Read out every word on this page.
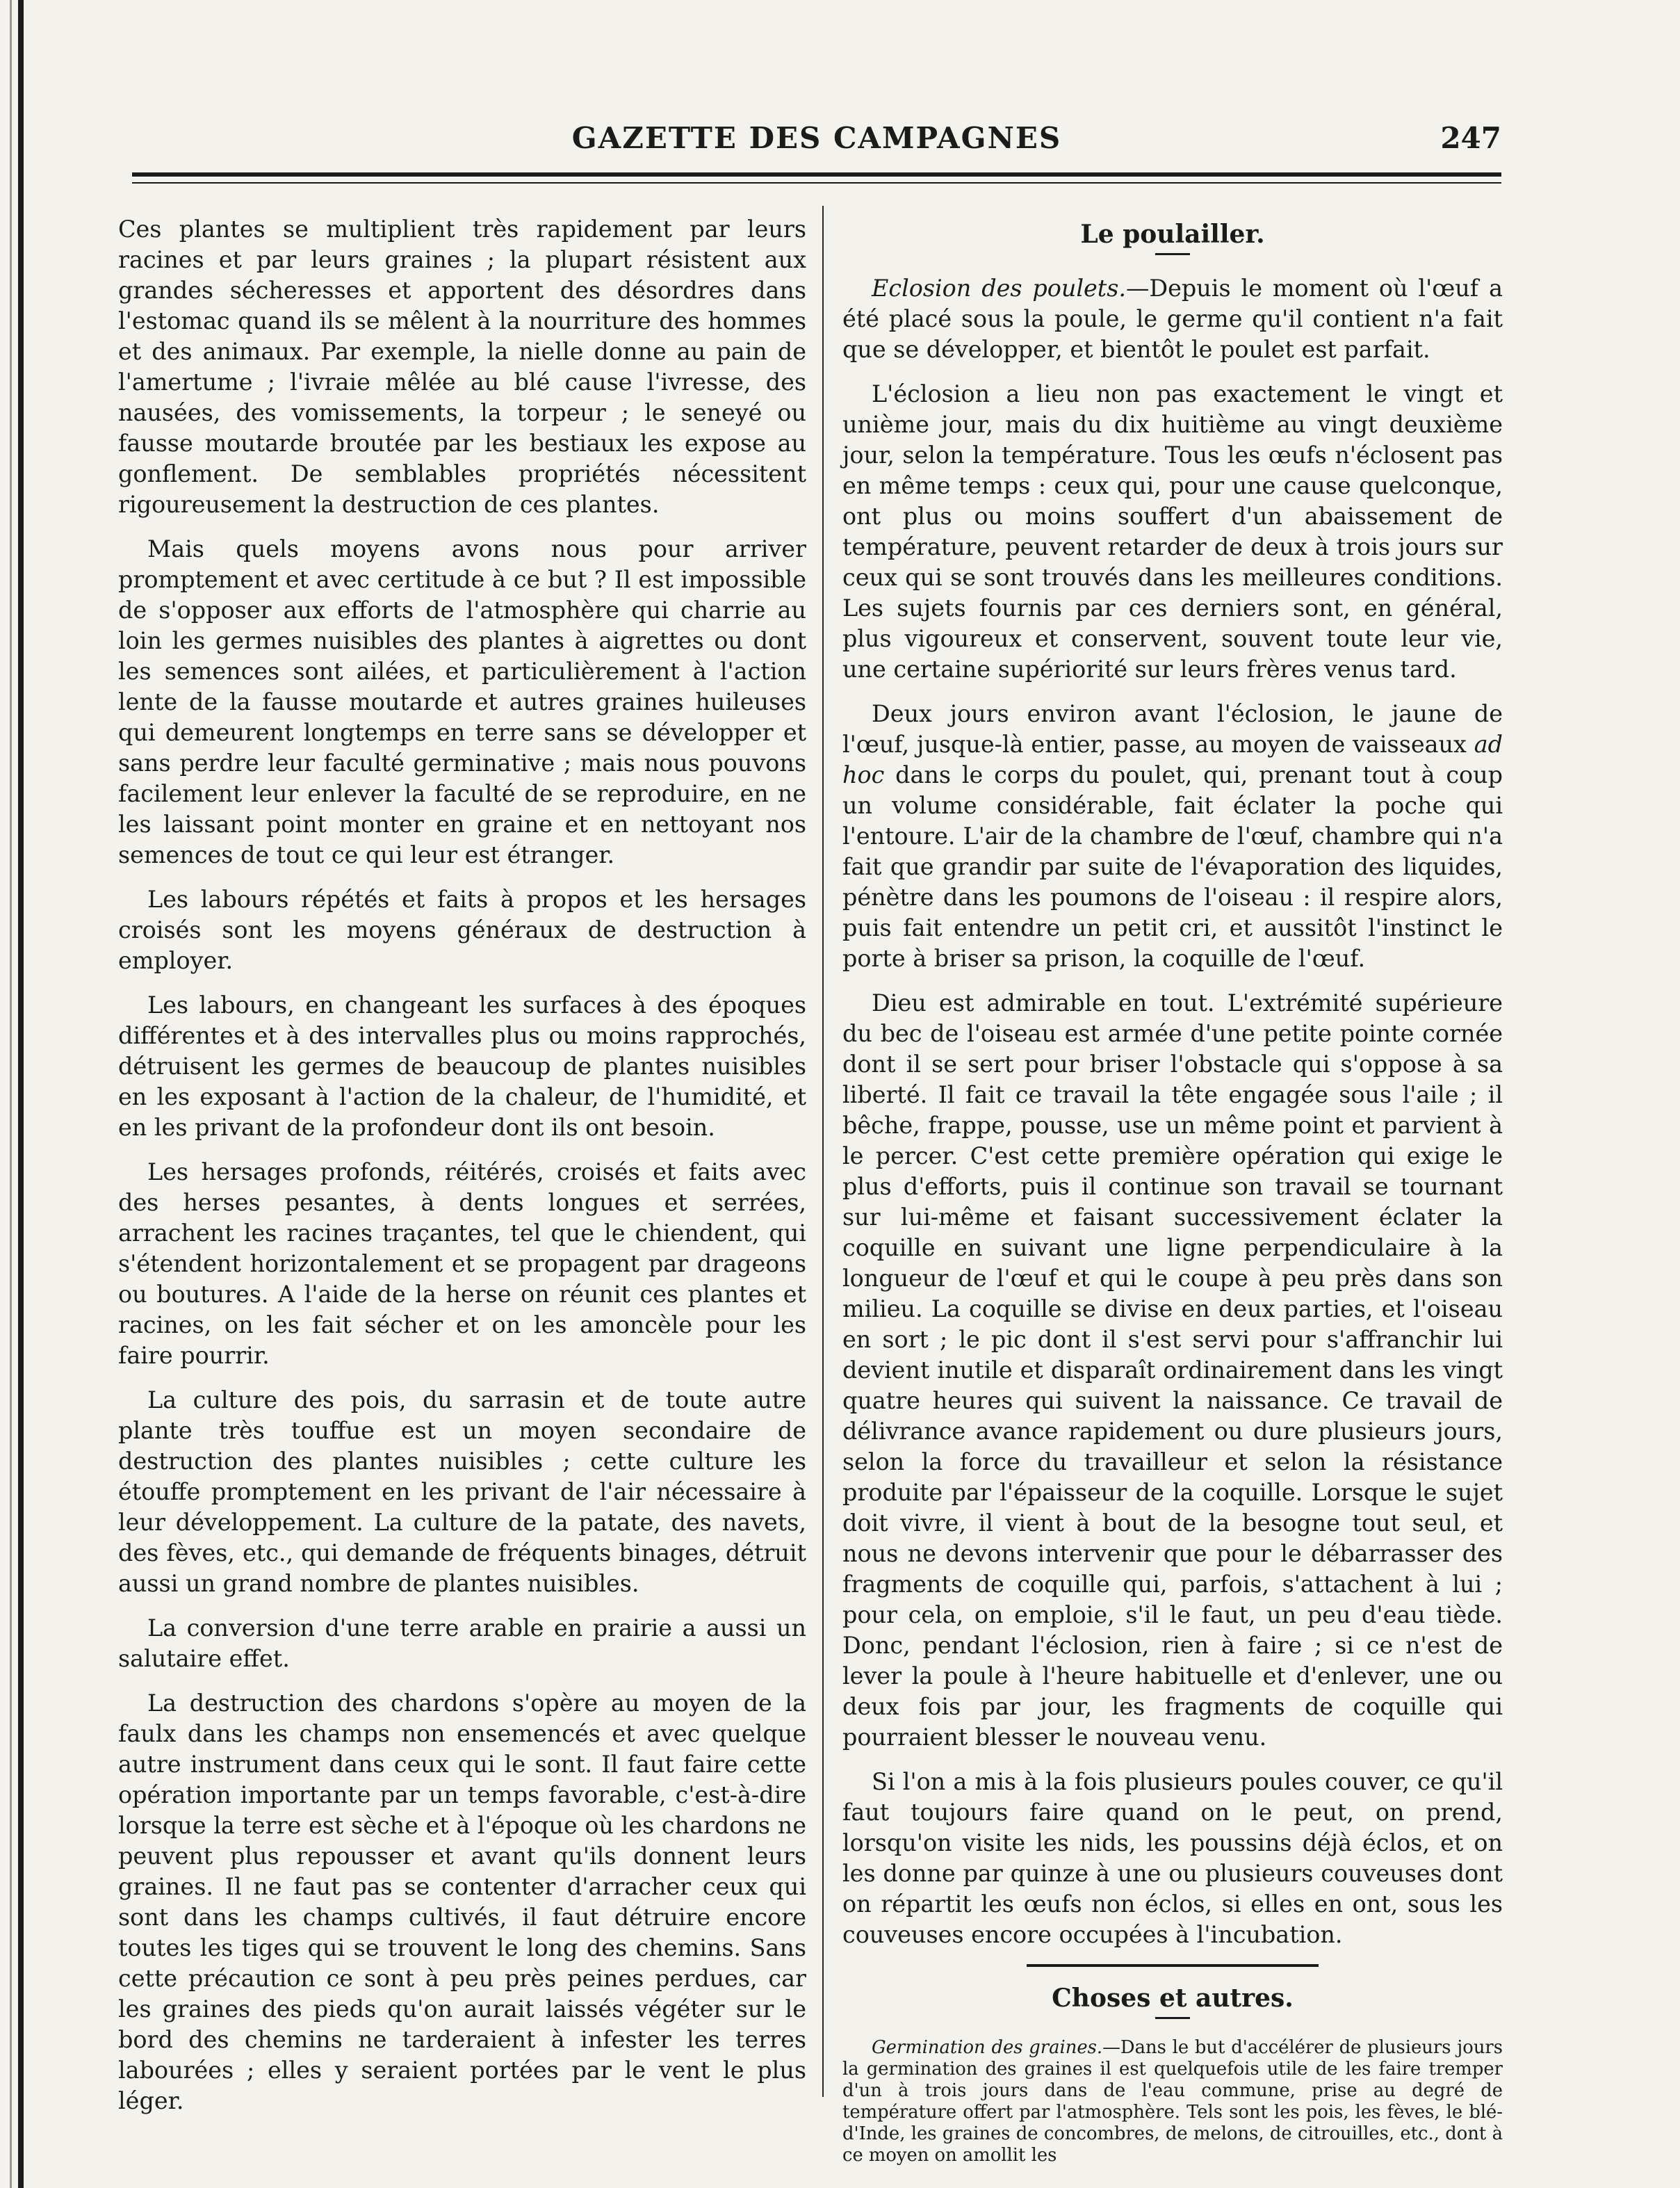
GAZETTE DES CAMPAGNES	247

Ces plantes se multiplient très rapidement par leurs racines et par leurs graines ; la plupart résistent aux grandes sécheresses et apportent des désordres dans l'estomac quand ils se mêlent à la nourriture des hommes et des animaux. Par exemple, la nielle donne au pain de l'amertume ; l'ivraie mêlée au blé cause l'ivresse, des nausées, des vomissements, la torpeur ; le seneyé ou fausse moutarde broutée par les bestiaux les expose au gonflement. De semblables propriétés nécessitent rigoureusement la destruction de ces plantes.

Mais quels moyens avons nous pour arriver promptement et avec certitude à ce but ? Il est impossible de s'opposer aux efforts de l'atmosphère qui charrie au loin les germes nuisibles des plantes à aigrettes ou dont les semences sont ailées, et particulièrement à l'action lente de la fausse moutarde et autres graines huileuses qui demeurent longtemps en terre sans se développer et sans perdre leur faculté germinative ; mais nous pouvons facilement leur enlever la faculté de se reproduire, en ne les laissant point monter en graine et en nettoyant nos semences de tout ce qui leur est étranger.

Les labours répétés et faits à propos et les hersages croisés sont les moyens généraux de destruction à employer.

Les labours, en changeant les surfaces à des époques différentes et à des intervalles plus ou moins rapprochés, détruisent les germes de beaucoup de plantes nuisibles en les exposant à l'action de la chaleur, de l'humidité, et en les privant de la profondeur dont ils ont besoin.

Les hersages profonds, réitérés, croisés et faits avec des herses pesantes, à dents longues et serrées, arrachent les racines traçantes, tel que le chiendent, qui s'étendent horizontalement et se propagent par drageons ou boutures. A l'aide de la herse on réunit ces plantes et racines, on les fait sécher et on les amoncèle pour les faire pourrir.

La culture des pois, du sarrasin et de toute autre plante très touffue est un moyen secondaire de destruction des plantes nuisibles ; cette culture les étouffe promptement en les privant de l'air nécessaire à leur développement. La culture de la patate, des navets, des fèves, etc., qui demande de fréquents binages, détruit aussi un grand nombre de plantes nuisibles.

La conversion d'une terre arable en prairie a aussi un salutaire effet.

La destruction des chardons s'opère au moyen de la faulx dans les champs non ensemencés et avec quelque autre instrument dans ceux qui le sont. Il faut faire cette opération importante par un temps favorable, c'est-à-dire lorsque la terre est sèche et à l'époque où les chardons ne peuvent plus repousser et avant qu'ils donnent leurs graines. Il ne faut pas se contenter d'arracher ceux qui sont dans les champs cultivés, il faut détruire encore toutes les tiges qui se trouvent le long des chemins. Sans cette précaution ce sont à peu près peines perdues, car les graines des pieds qu'on aurait laissés végéter sur le bord des chemins ne tarderaient à infester les terres labourées ; elles y seraient portées par le vent le plus léger.

Le poulailler.

Eclosion des poulets.—Depuis le moment où l'œuf a été placé sous la poule, le germe qu'il contient n'a fait que se développer, et bientôt le poulet est parfait.

L'éclosion a lieu non pas exactement le vingt et unième jour, mais du dix huitième au vingt deuxième jour, selon la température. Tous les œufs n'éclosent pas en même temps : ceux qui, pour une cause quelconque, ont plus ou moins souffert d'un abaissement de température, peuvent retarder de deux à trois jours sur ceux qui se sont trouvés dans les meilleures conditions. Les sujets fournis par ces derniers sont, en général, plus vigoureux et conservent, souvent toute leur vie, une certaine supériorité sur leurs frères venus tard.

Deux jours environ avant l'éclosion, le jaune de l'œuf, jusque-là entier, passe, au moyen de vaisseaux ad hoc dans le corps du poulet, qui, prenant tout à coup un volume considérable, fait éclater la poche qui l'entoure. L'air de la chambre de l'œuf, chambre qui n'a fait que grandir par suite de l'évaporation des liquides, pénètre dans les poumons de l'oiseau : il respire alors, puis fait entendre un petit cri, et aussitôt l'instinct le porte à briser sa prison, la coquille de l'œuf.

Dieu est admirable en tout. L'extrémité supérieure du bec de l'oiseau est armée d'une petite pointe cornée dont il se sert pour briser l'obstacle qui s'oppose à sa liberté. Il fait ce travail la tête engagée sous l'aile ; il bêche, frappe, pousse, use un même point et parvient à le percer. C'est cette première opération qui exige le plus d'efforts, puis il continue son travail se tournant sur lui-même et faisant successivement éclater la coquille en suivant une ligne perpendiculaire à la longueur de l'œuf et qui le coupe à peu près dans son milieu. La coquille se divise en deux parties, et l'oiseau en sort ; le pic dont il s'est servi pour s'affranchir lui devient inutile et disparaît ordinairement dans les vingt quatre heures qui suivent la naissance. Ce travail de délivrance avance rapidement ou dure plusieurs jours, selon la force du travailleur et selon la résistance produite par l'épaisseur de la coquille. Lorsque le sujet doit vivre, il vient à bout de la besogne tout seul, et nous ne devons intervenir que pour le débarrasser des fragments de coquille qui, parfois, s'attachent à lui ; pour cela, on emploie, s'il le faut, un peu d'eau tiède. Donc, pendant l'éclosion, rien à faire ; si ce n'est de lever la poule à l'heure habituelle et d'enlever, une ou deux fois par jour, les fragments de coquille qui pourraient blesser le nouveau venu.

Si l'on a mis à la fois plusieurs poules couver, ce qu'il faut toujours faire quand on le peut, on prend, lorsqu'on visite les nids, les poussins déjà éclos, et on les donne par quinze à une ou plusieurs couveuses dont on répartit les œufs non éclos, si elles en ont, sous les couveuses encore occupées à l'incubation.

Choses et autres.

Germination des graines.—Dans le but d'accélérer de plusieurs jours la germination des graines il est quelquefois utile de les faire tremper d'un à trois jours dans de l'eau commune, prise au degré de température offert par l'atmosphère. Tels sont les pois, les fèves, le blé-d'Inde, les graines de concombres, de melons, de citrouilles, etc., dont à ce moyen on amollit les
